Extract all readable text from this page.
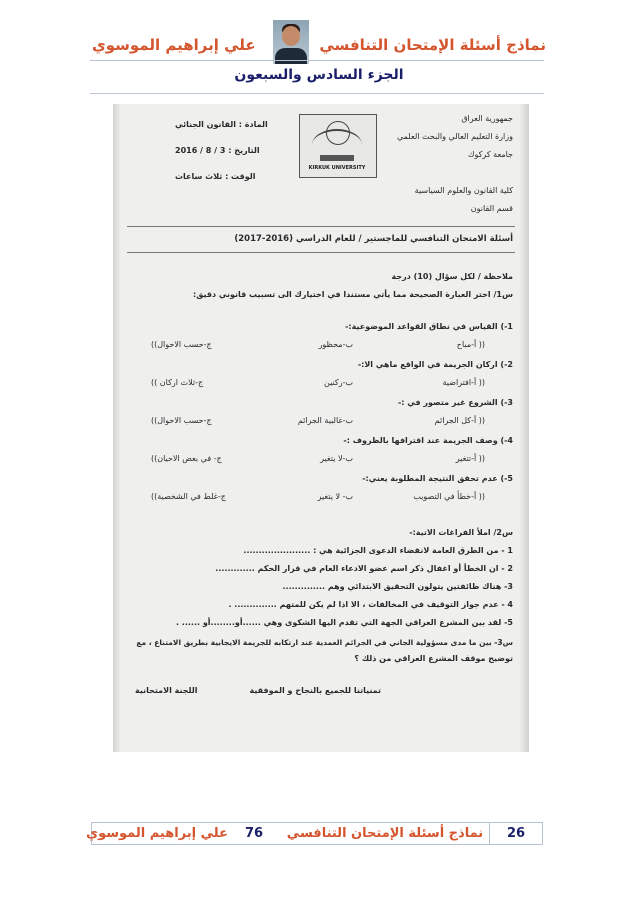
نماذج أسئلة الإمتحان التنافسي
علي إبراهيم الموسوي
الجزء السادس والسبعون
جمهورية العراق
وزارة التعليم العالي والبحث العلمي
جامعة كركوك
كلية القانون والعلوم السياسية
قسم القانون
KIRKUK UNIVERSITY
المادة : القانون الجنائي
التاريخ : 3 / 8 / 2016
الوقت : ثلاث ساعات
أسئلة الامتحان التنافسي للماجستير / للعام الدراسي (2016-2017)
ملاحظة / لكل سؤال (10) درجة
س1/ اختر العبارة الصحيحة مما يأتي مستندا في اختيارك الى تسبيب قانوني دقيق:
1-) القياس في نطاق القواعد الموضوعية:-
(( أ-مباح
ب-محظور
ج-حسب الاحوال))
2-) اركان الجريمة في الواقع ماهي الا:-
(( أ-افتراضية
ب-ركنين
ج-ثلاث اركان ))
3-) الشروع غير متصور في :-
(( أ-كل الجرائم
ب-غالبية الجرائم
ج-حسب الاحوال))
4-) وصف الجريمة عند اقترافها بالظروف :-
(( أ-تتغير
ب-لا يتغير
ج- في بعض الاحيان))
5-) عدم تحقق النتيجة المطلوبة يعني:-
(( أ-خطأ في التصويب
ب- لا يتغير
ج-غلط في الشخصية))
س2/ املأ الفراغات الاتية:-
1 - من الطرق العامة لانقضاء الدعوى الجزائية هي : ......................
2 - ان الخطأ أو اغفال ذكر اسم عضو الادعاء العام في قرار الحكم .............
3- هناك طائفتين يتولون التحقيق الابتدائي وهم ..............
4 - عدم جواز التوقيف في المخالفات ، الا اذا لم يكن للمتهم .............. .
5- لقد بين المشرع العراقي الجهة التي تقدم اليها الشكوى وهي ......أو........أو ...... .
س3- بين ما مدى مسؤولية الجاني في الجرائم العمدية عند ارتكابه للجريمة الايجابية بطريق الامتناع ، مع
توضيح موقف المشرع العراقي من ذلك ؟
تمنياتنا للجميع بالنجاح و الموفقية
اللجنة الامتحانية
26
نماذج أسئلة الإمتحان التنافسي
76
علي إبراهيم الموسوي
